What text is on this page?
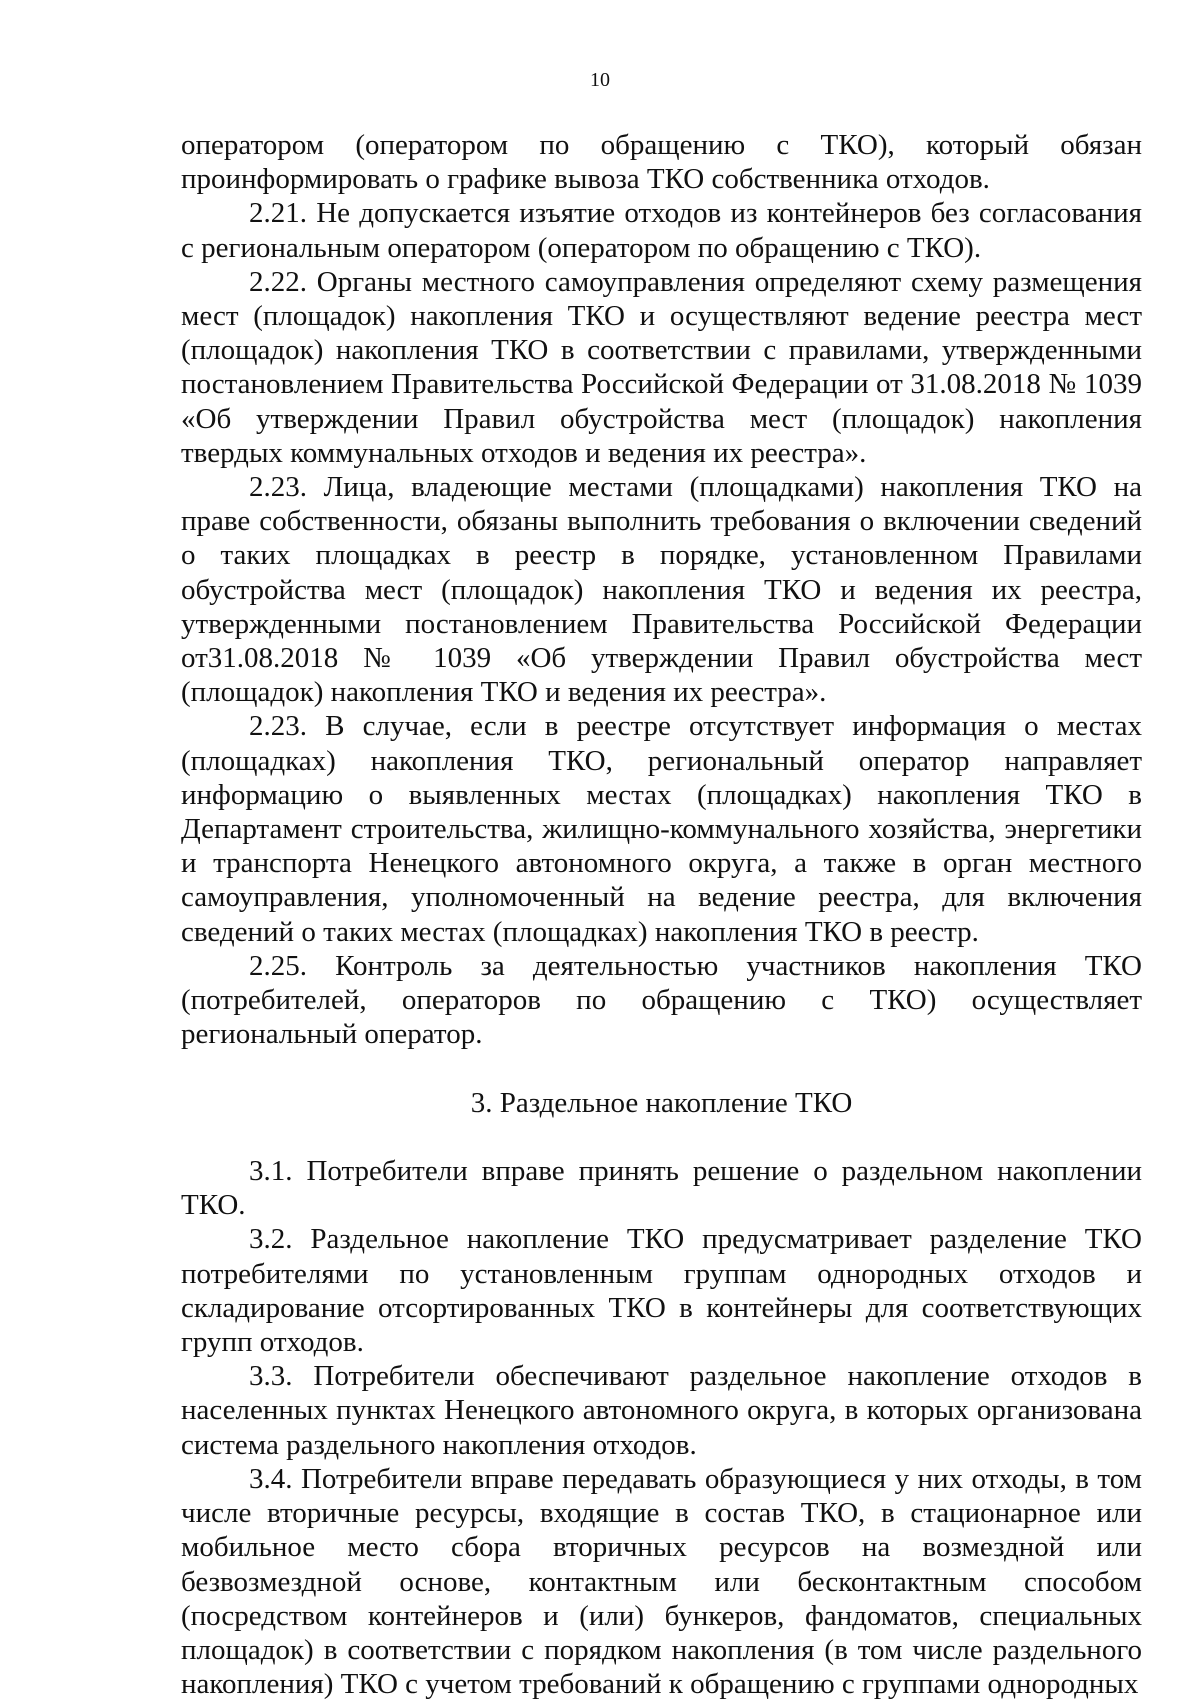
10

оператором (оператором по обращению с ТКО), который обязан проинформировать о графике вывоза ТКО собственника отходов.

2.21. Не допускается изъятие отходов из контейнеров без согласования с региональным оператором (оператором по обращению с ТКО).

2.22. Органы местного самоуправления определяют схему размещения мест (площадок) накопления ТКО и осуществляют ведение реестра мест (площадок) накопления ТКО в соответствии с правилами, утвержденными постановлением Правительства Российской Федерации от 31.08.2018 № 1039 «Об утверждении Правил обустройства мест (площадок) накопления твердых коммунальных отходов и ведения их реестра».

2.23. Лица, владеющие местами (площадками) накопления ТКО на праве собственности, обязаны выполнить требования о включении сведений о таких площадках в реестр в порядке, установленном Правилами обустройства мест (площадок) накопления ТКО и ведения их реестра, утвержденными постановлением Правительства Российской Федерации от31.08.2018 № 1039 «Об утверждении Правил обустройства мест (площадок) накопления ТКО и ведения их реестра».

2.23. В случае, если в реестре отсутствует информация о местах (площадках) накопления ТКО, региональный оператор направляет информацию о выявленных местах (площадках) накопления ТКО в Департамент строительства, жилищно-коммунального хозяйства, энергетики и транспорта Ненецкого автономного округа, а также в орган местного самоуправления, уполномоченный на ведение реестра, для включения сведений о таких местах (площадках) накопления ТКО в реестр.

2.25. Контроль за деятельностью участников накопления ТКО (потребителей, операторов по обращению с ТКО) осуществляет региональный оператор.

3. Раздельное накопление ТКО

3.1. Потребители вправе принять решение о раздельном накоплении ТКО.

3.2. Раздельное накопление ТКО предусматривает разделение ТКО потребителями по установленным группам однородных отходов и складирование отсортированных ТКО в контейнеры для соответствующих групп отходов.

3.3. Потребители обеспечивают раздельное накопление отходов в населенных пунктах Ненецкого автономного округа, в которых организована система раздельного накопления отходов.

3.4. Потребители вправе передавать образующиеся у них отходы, в том числе вторичные ресурсы, входящие в состав ТКО, в стационарное или мобильное место сбора вторичных ресурсов на возмездной или безвозмездной основе, контактным или бесконтактным способом (посредством контейнеров и (или) бункеров, фандоматов, специальных площадок) в соответствии с порядком накопления (в том числе раздельного накопления) ТКО с учетом требований к обращению с группами однородных
